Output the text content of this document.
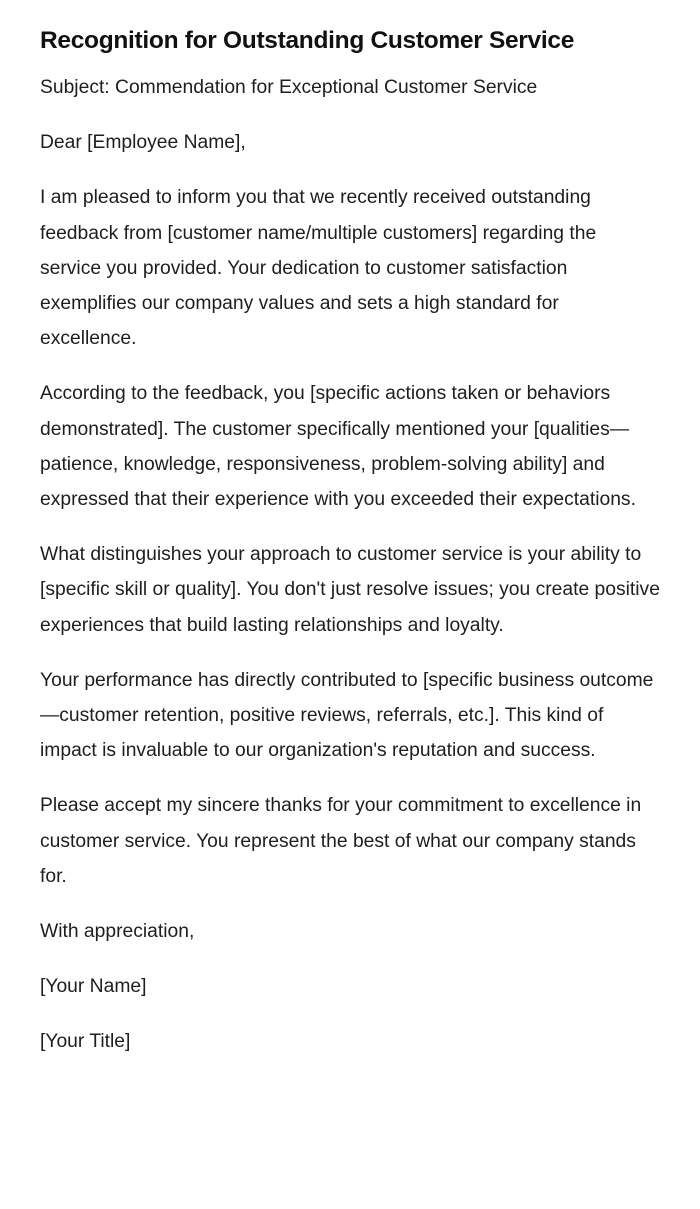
Recognition for Outstanding Customer Service

Subject: Commendation for Exceptional Customer Service

Dear [Employee Name],

I am pleased to inform you that we recently received outstanding feedback from [customer name/multiple customers] regarding the service you provided. Your dedication to customer satisfaction exemplifies our company values and sets a high standard for excellence.

According to the feedback, you [specific actions taken or behaviors demonstrated]. The customer specifically mentioned your [qualities—patience, knowledge, responsiveness, problem-solving ability] and expressed that their experience with you exceeded their expectations.

What distinguishes your approach to customer service is your ability to [specific skill or quality]. You don't just resolve issues; you create positive experiences that build lasting relationships and loyalty.

Your performance has directly contributed to [specific business outcome—customer retention, positive reviews, referrals, etc.]. This kind of impact is invaluable to our organization's reputation and success.

Please accept my sincere thanks for your commitment to excellence in customer service. You represent the best of what our company stands for.

With appreciation,

[Your Name]

[Your Title]
